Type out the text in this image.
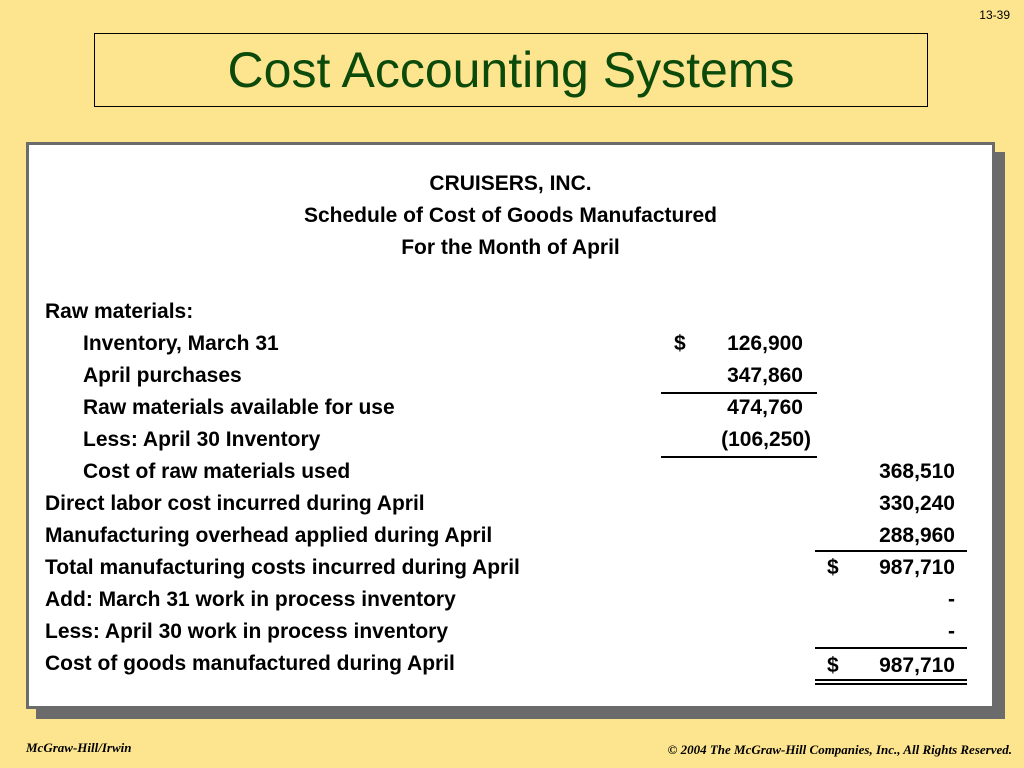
13-39
Cost Accounting Systems
CRUISERS, INC.
Schedule of Cost of Goods Manufactured
For the Month of April
Raw materials:
Inventory, March 31	$	126,900
April purchases	347,860
Raw materials available for use	474,760
Less: April 30 Inventory	(106,250)
Cost of raw materials used	368,510
Direct labor cost incurred during April	330,240
Manufacturing overhead applied during April	288,960
Total manufacturing costs incurred during April	$	987,710
Add: March 31 work in process inventory	-
Less: April 30 work in process inventory	-
Cost of goods manufactured during April	$	987,710
McGraw-Hill/Irwin	© 2004 The McGraw-Hill Companies, Inc., All Rights Reserved.
